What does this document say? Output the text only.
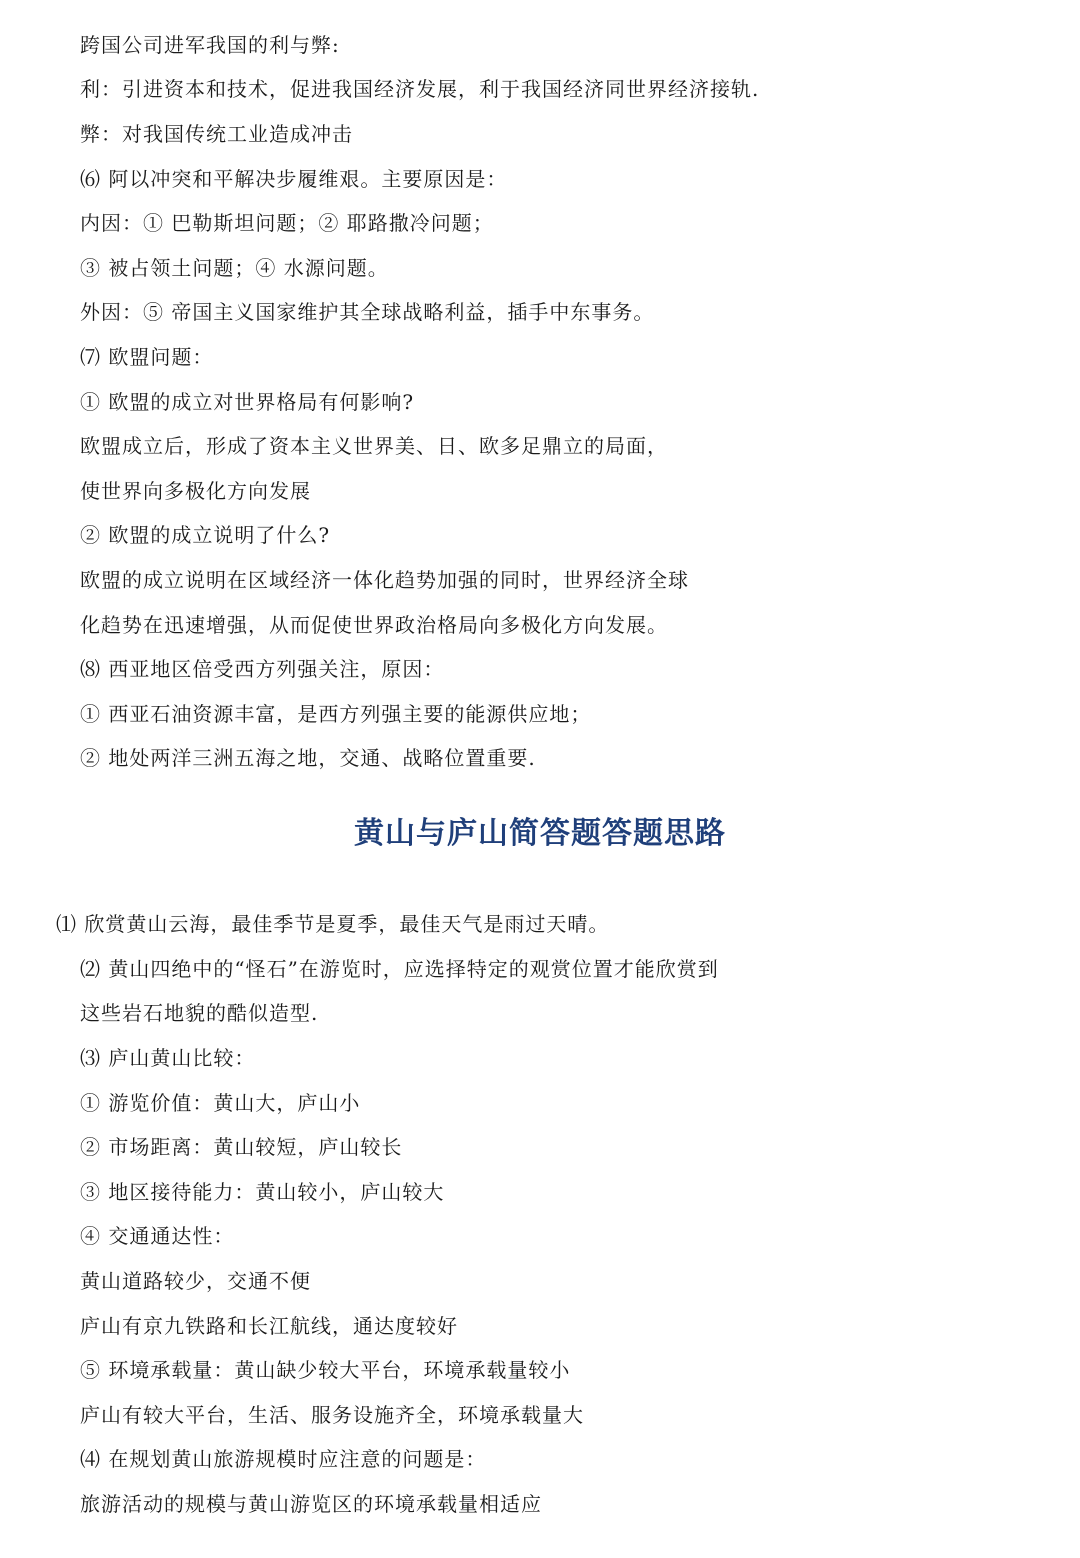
跨国公司进军我国的利与弊:
利：引进资本和技术，促进我国经济发展，利于我国经济同世界经济接轨.
弊：对我国传统工业造成冲击
⑹ 阿以冲突和平解决步履维艰。主要原因是：
内因：① 巴勒斯坦问题；② 耶路撒冷问题；
③ 被占领土问题；④ 水源问题。
外因：⑤ 帝国主义国家维护其全球战略利益，插手中东事务。
⑺ 欧盟问题：
① 欧盟的成立对世界格局有何影响?
欧盟成立后，形成了资本主义世界美、日、欧多足鼎立的局面，
使世界向多极化方向发展
② 欧盟的成立说明了什么?
欧盟的成立说明在区域经济一体化趋势加强的同时，世界经济全球
化趋势在迅速增强，从而促使世界政治格局向多极化方向发展。
⑻ 西亚地区倍受西方列强关注，原因：
① 西亚石油资源丰富，是西方列强主要的能源供应地；
② 地处两洋三洲五海之地，交通、战略位置重要.
黄山与庐山简答题答题思路
⑴ 欣赏黄山云海，最佳季节是夏季，最佳天气是雨过天晴。
⑵ 黄山四绝中的“怪石”在游览时，应选择特定的观赏位置才能欣赏到
这些岩石地貌的酷似造型.
⑶ 庐山黄山比较：
① 游览价值：黄山大，庐山小
② 市场距离：黄山较短，庐山较长
③ 地区接待能力：黄山较小，庐山较大
④ 交通通达性：
黄山道路较少，交通不便
庐山有京九铁路和长江航线，通达度较好
⑤ 环境承载量：黄山缺少较大平台，环境承载量较小
庐山有较大平台，生活、服务设施齐全，环境承载量大
⑷ 在规划黄山旅游规模时应注意的问题是：
旅游活动的规模与黄山游览区的环境承载量相适应
